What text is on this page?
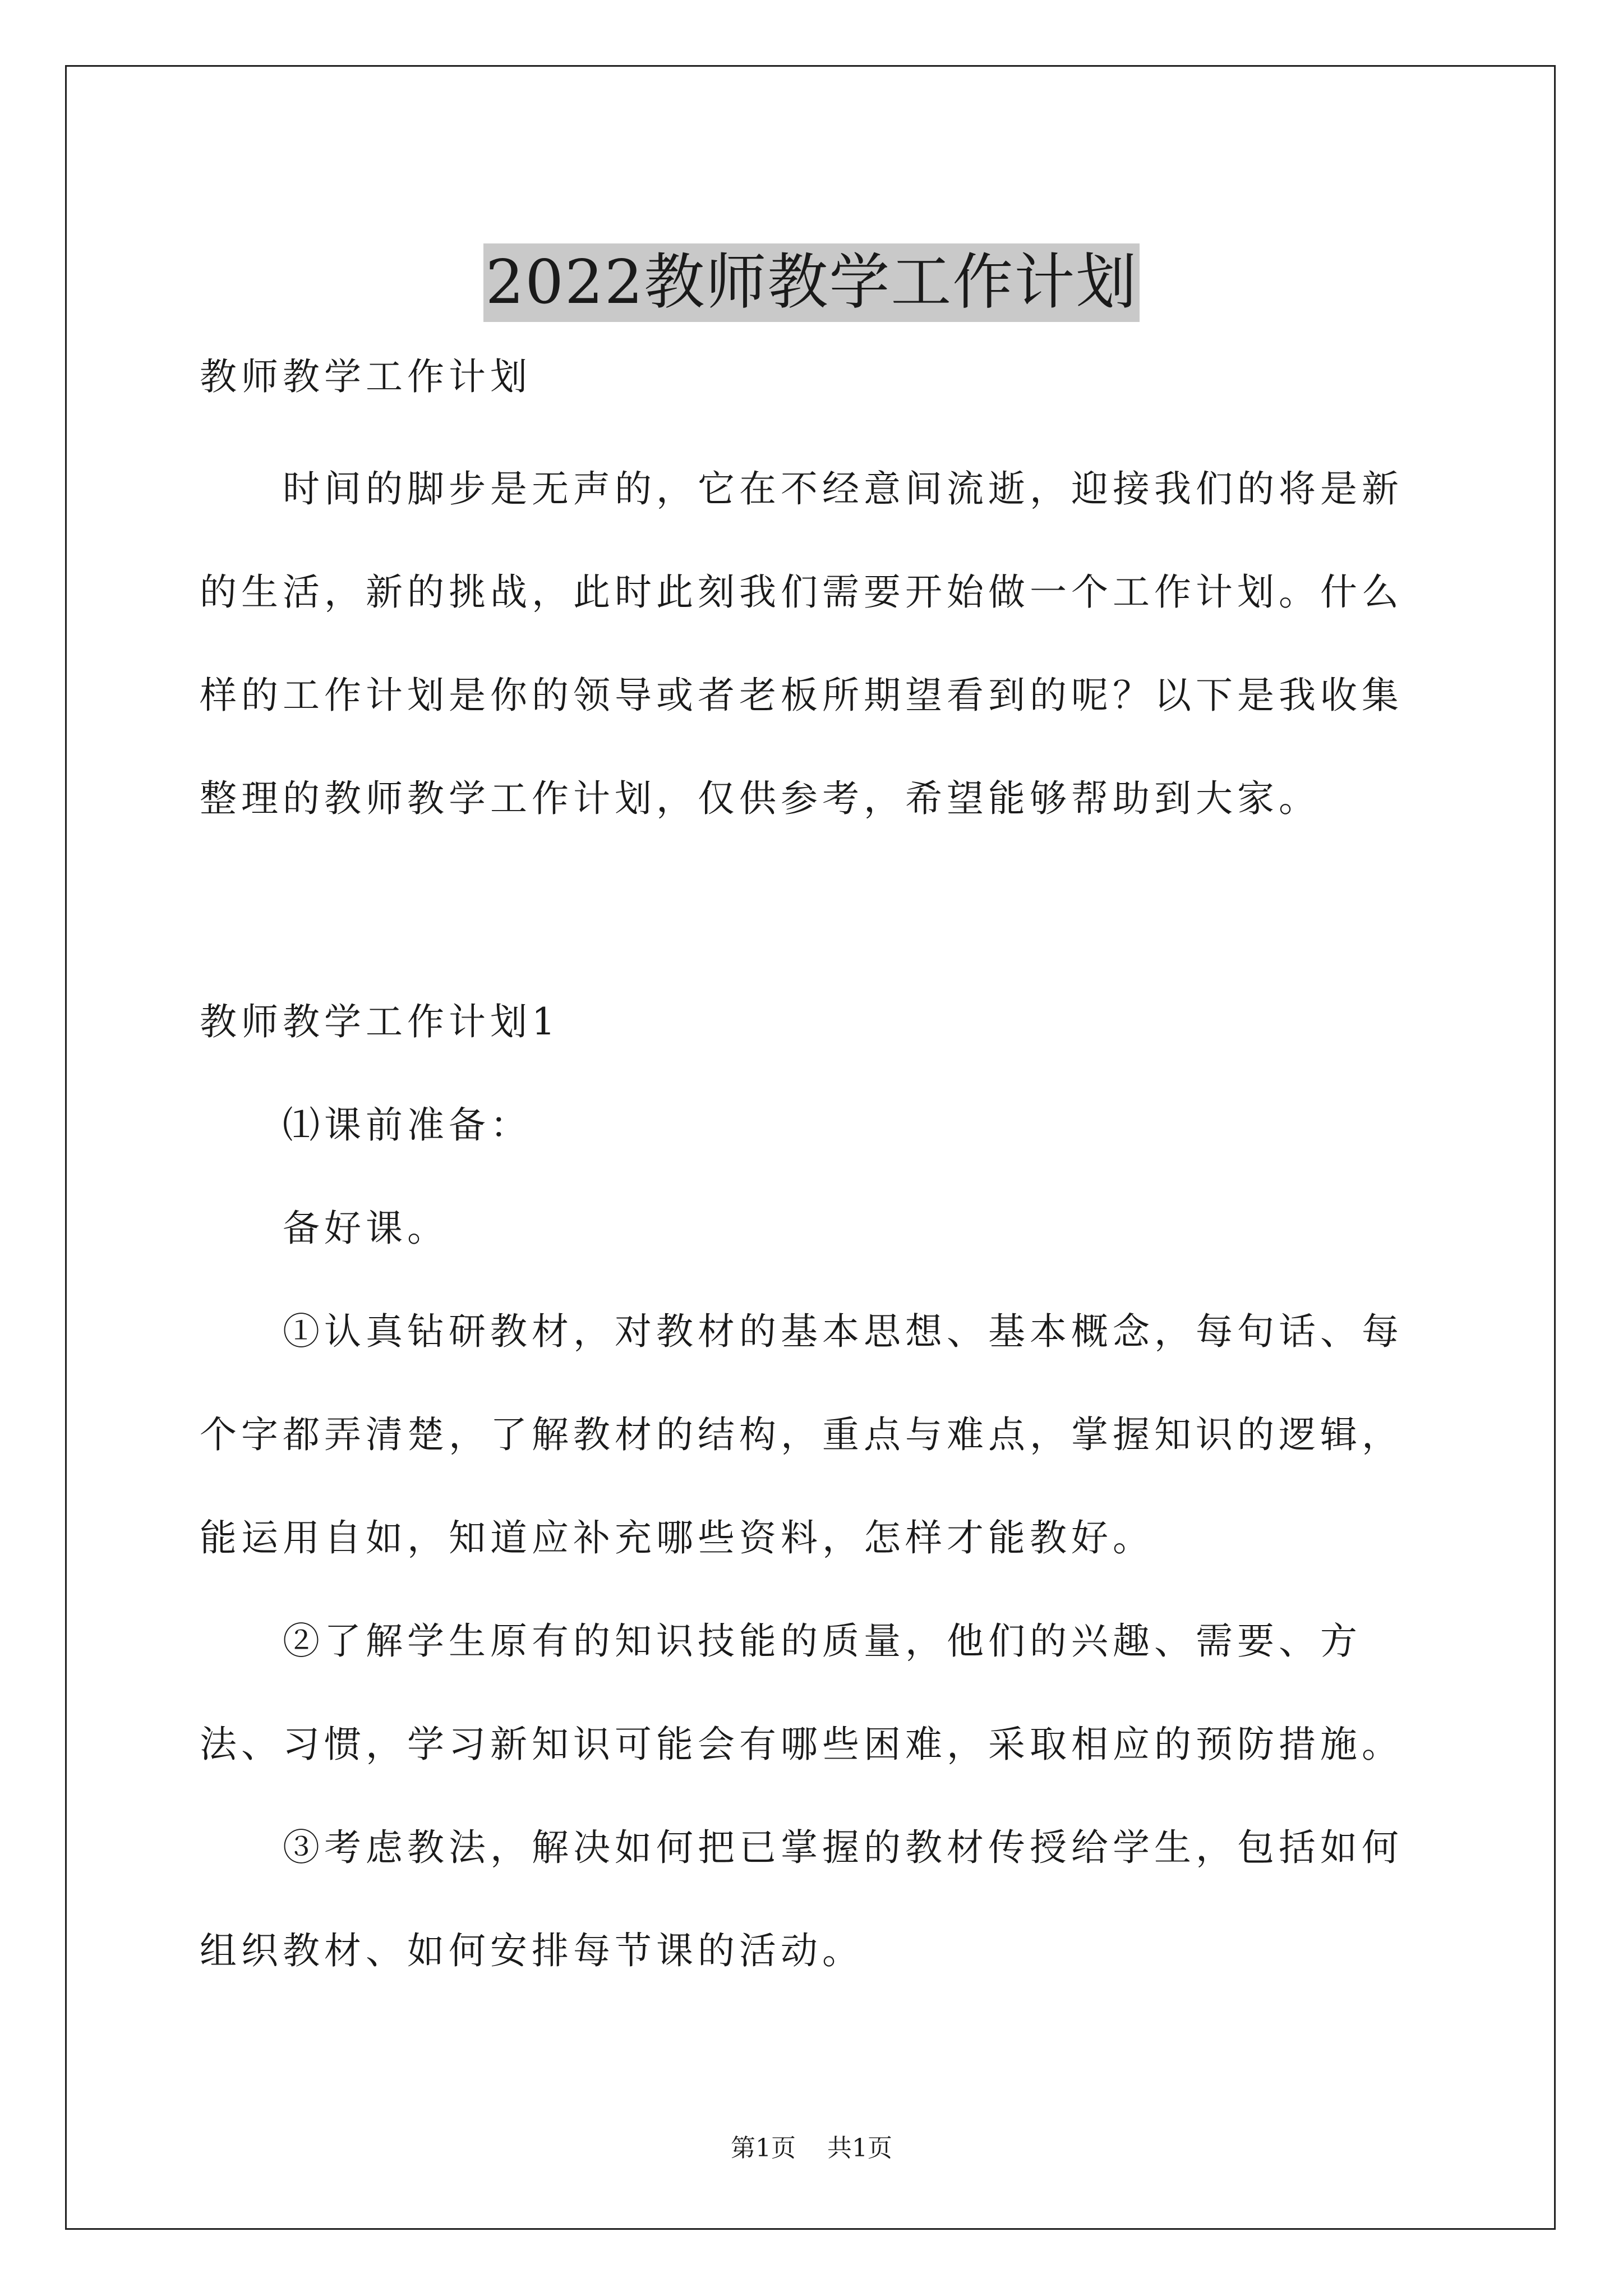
2022教师教学工作计划

教师教学工作计划

时间的脚步是无声的，它在不经意间流逝，迎接我们的将是新的生活，新的挑战，此时此刻我们需要开始做一个工作计划。什么样的工作计划是你的领导或者老板所期望看到的呢？以下是我收集整理的教师教学工作计划，仅供参考，希望能够帮助到大家。

教师教学工作计划1

⑴课前准备：

备好课。

①认真钻研教材，对教材的基本思想、基本概念，每句话、每个字都弄清楚，了解教材的结构，重点与难点，掌握知识的逻辑，能运用自如，知道应补充哪些资料，怎样才能教好。

②了解学生原有的知识技能的质量，他们的兴趣、需要、方法、习惯，学习新知识可能会有哪些困难，采取相应的预防措施。

③考虑教法，解决如何把已掌握的教材传授给学生，包括如何组织教材、如何安排每节课的活动。

第1页 共1页
